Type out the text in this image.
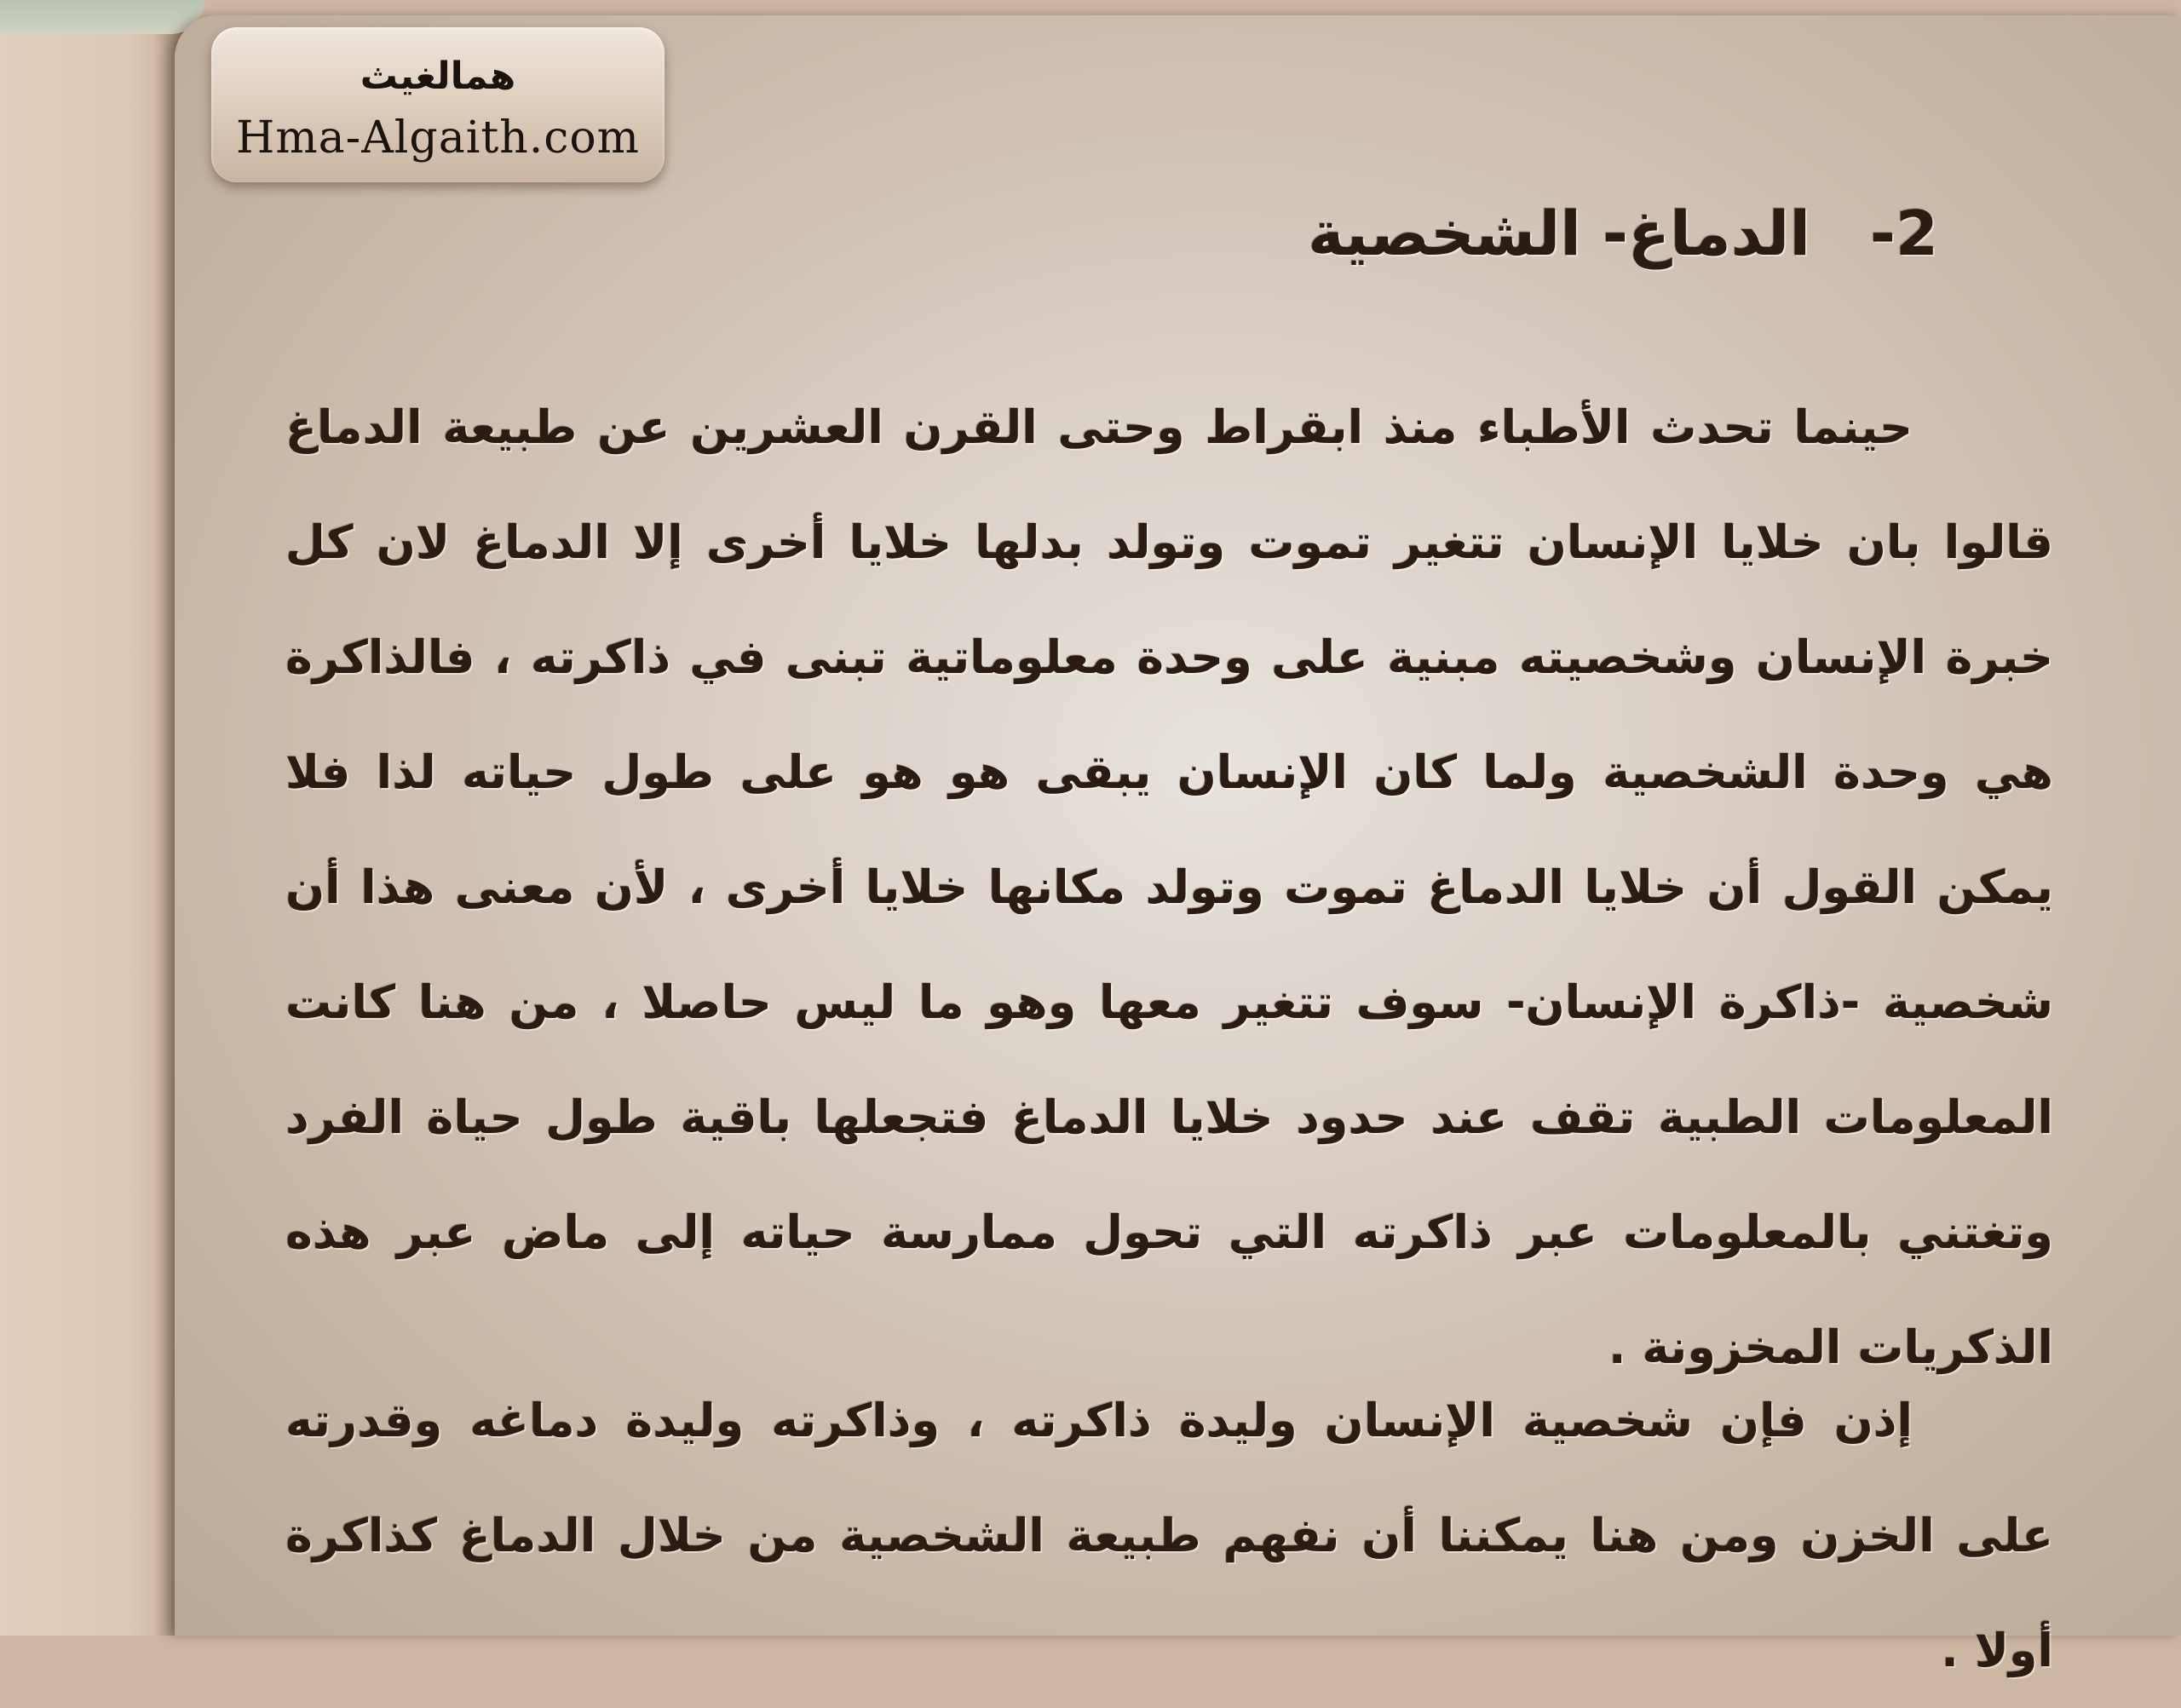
همالغيث
Hma-Algaith.com
2-الدماغ- الشخصية

حينما تحدث الأطباء منذ ابقراط وحتى القرن العشرين عن طبيعة الدماغ قالوا بان خلايا الإنسان تتغير تموت وتولد بدلها خلايا أخرى إلا الدماغ لان كل خبرة الإنسان وشخصيته مبنية على وحدة معلوماتية تبنى في ذاكرته ، فالذاكرة هي وحدة الشخصية ولما كان الإنسان يبقى هو هو على طول حياته لذا فلا يمكن القول أن خلايا الدماغ تموت وتولد مكانها خلايا أخرى ، لأن معنى هذا أن شخصية -ذاكرة الإنسان- سوف تتغير معها وهو ما ليس حاصلا ، من هنا كانت المعلومات الطبية تقف عند حدود خلايا الدماغ فتجعلها باقية طول حياة الفرد وتغتني بالمعلومات عبر ذاكرته التي تحول ممارسة حياته إلى ماض عبر هذه الذكريات المخزونة .

إذن فإن شخصية الإنسان وليدة ذاكرته ، وذاكرته وليدة دماغه وقدرته على الخزن ومن هنا يمكننا أن نفهم طبيعة الشخصية من خلال الدماغ كذاكرة أولا .
